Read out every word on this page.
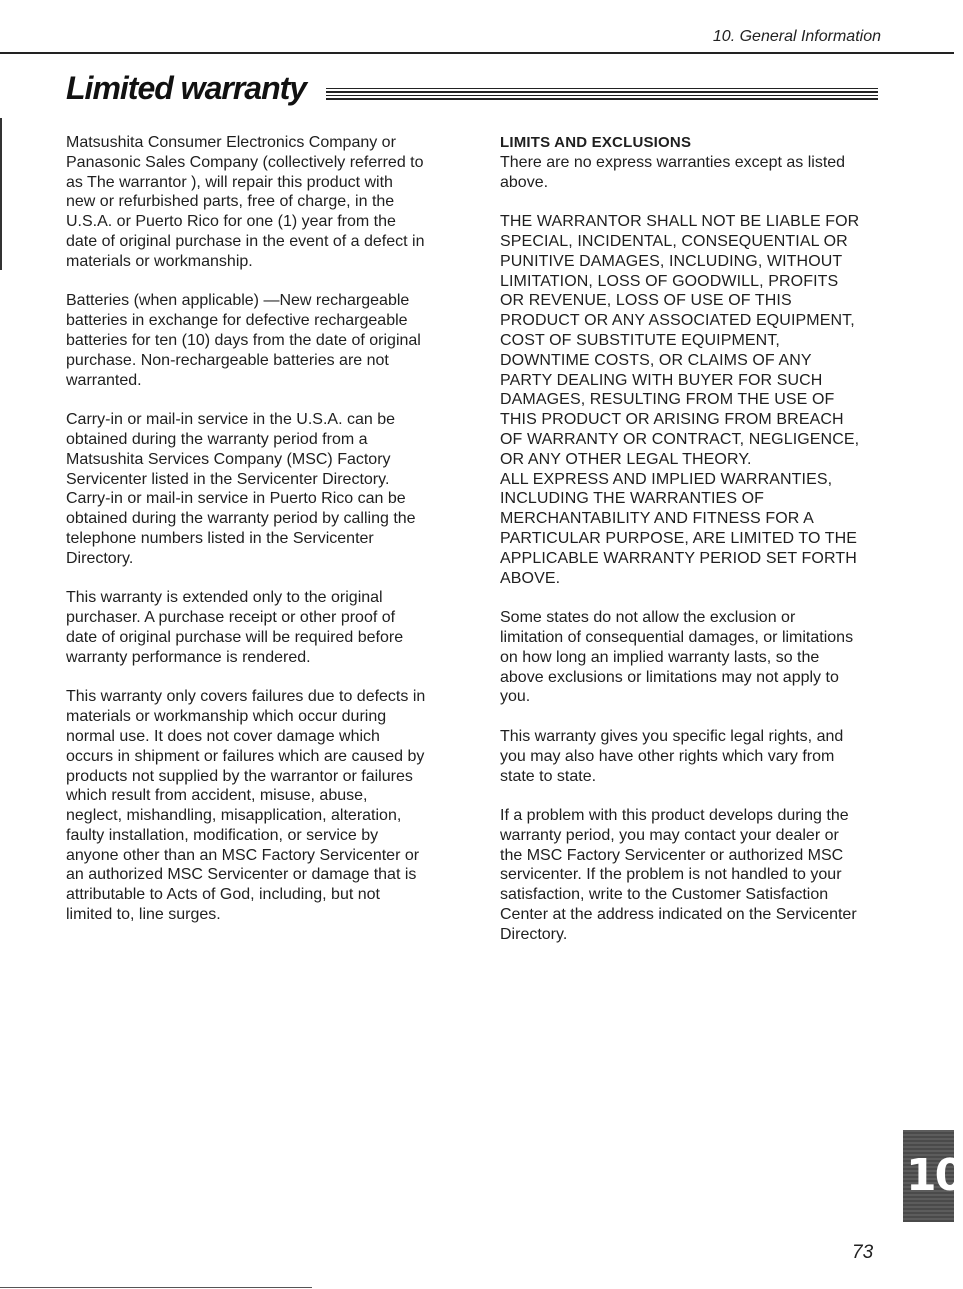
10. General Information
Limited warranty

Matsushita Consumer Electronics Company or
Panasonic Sales Company (collectively referred to
as The warrantor ), will repair this product with
new or refurbished parts, free of charge, in the
U.S.A. or Puerto Rico for one (1) year from the
date of original purchase in the event of a defect in
materials or workmanship.

Batteries (when applicable) —New rechargeable
batteries in exchange for defective rechargeable
batteries for ten (10) days from the date of original
purchase. Non-rechargeable batteries are not
warranted.

Carry-in or mail-in service in the U.S.A. can be
obtained during the warranty period from a
Matsushita Services Company (MSC) Factory
Servicenter listed in the Servicenter Directory.
Carry-in or mail-in service in Puerto Rico can be
obtained during the warranty period by calling the
telephone numbers listed in the Servicenter
Directory.

This warranty is extended only to the original
purchaser. A purchase receipt or other proof of
date of original purchase will be required before
warranty performance is rendered.

This warranty only covers failures due to defects in
materials or workmanship which occur during
normal use. It does not cover damage which
occurs in shipment or failures which are caused by
products not supplied by the warrantor or failures
which result from accident, misuse, abuse,
neglect, mishandling, misapplication, alteration,
faulty installation, modification, or service by
anyone other than an MSC Factory Servicenter or
an authorized MSC Servicenter or damage that is
attributable to Acts of God, including, but not
limited to, line surges.

LIMITS AND EXCLUSIONS

There are no express warranties except as listed
above.

THE WARRANTOR SHALL NOT BE LIABLE FOR
SPECIAL, INCIDENTAL, CONSEQUENTIAL OR
PUNITIVE DAMAGES, INCLUDING, WITHOUT
LIMITATION, LOSS OF GOODWILL, PROFITS
OR REVENUE, LOSS OF USE OF THIS
PRODUCT OR ANY ASSOCIATED EQUIPMENT,
COST OF SUBSTITUTE EQUIPMENT,
DOWNTIME COSTS, OR CLAIMS OF ANY
PARTY DEALING WITH BUYER FOR SUCH
DAMAGES, RESULTING FROM THE USE OF
THIS PRODUCT OR ARISING FROM BREACH
OF WARRANTY OR CONTRACT, NEGLIGENCE,
OR ANY OTHER LEGAL THEORY.
ALL EXPRESS AND IMPLIED WARRANTIES,
INCLUDING THE WARRANTIES OF
MERCHANTABILITY AND FITNESS FOR A
PARTICULAR PURPOSE, ARE LIMITED TO THE
APPLICABLE WARRANTY PERIOD SET FORTH
ABOVE.

Some states do not allow the exclusion or
limitation of consequential damages, or limitations
on how long an implied warranty lasts, so the
above exclusions or limitations may not apply to
you.

This warranty gives you specific legal rights, and
you may also have other rights which vary from
state to state.

If a problem with this product develops during the
warranty period, you may contact your dealer or
the MSC Factory Servicenter or authorized MSC
servicenter. If the problem is not handled to your
satisfaction, write to the Customer Satisfaction
Center at the address indicated on the Servicenter
Directory.

10
73
